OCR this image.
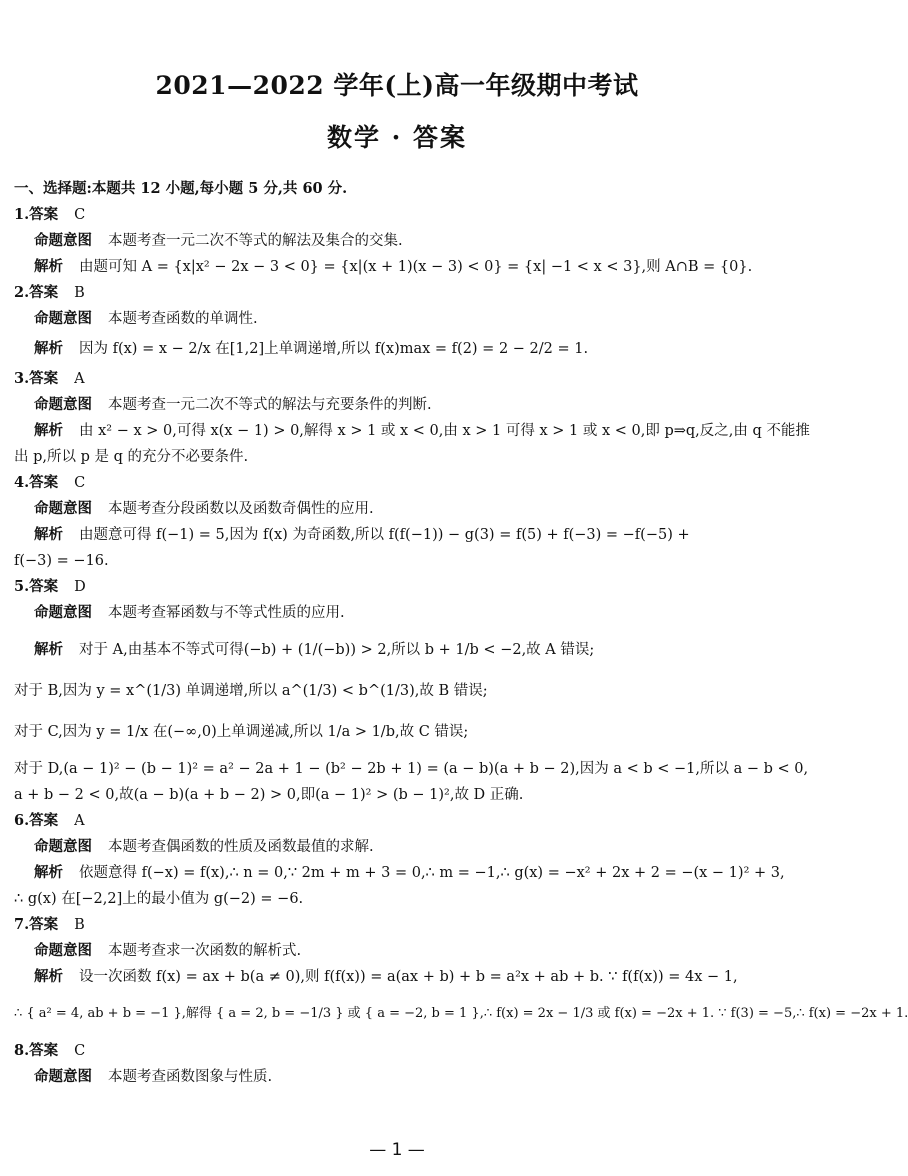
2021—2022 学年(上)高一年级期中考试
数学 · 答案
一、选择题:本题共 12 小题,每小题 5 分,共 60 分.
1.答案 C
命题意图 本题考查一元二次不等式的解法及集合的交集.
解析 由题可知 A = {x|x² − 2x − 3 < 0} = {x|(x + 1)(x − 3) < 0} = {x| −1 < x < 3},则 A∩B = {0}.
2.答案 B
命题意图 本题考查函数的单调性.
解析 因为 f(x) = x − 2/x 在[1,2]上单调递增,所以 f(x)max = f(2) = 2 − 2/2 = 1.
3.答案 A
命题意图 本题考查一元二次不等式的解法与充要条件的判断.
解析 由 x² − x > 0,可得 x(x − 1) > 0,解得 x > 1 或 x < 0,由 x > 1 可得 x > 1 或 x < 0,即 p⇒q,反之,由 q 不能推
出 p,所以 p 是 q 的充分不必要条件.
4.答案 C
命题意图 本题考查分段函数以及函数奇偶性的应用.
解析 由题意可得 f(−1) = 5,因为 f(x) 为奇函数,所以 f(f(−1)) − g(3) = f(5) + f(−3) = −f(−5) +
f(−3) = −16.
5.答案 D
命题意图 本题考查幂函数与不等式性质的应用.
解析 对于 A,由基本不等式可得(−b) + (1/(−b)) > 2,所以 b + 1/b < −2,故 A 错误;
对于 B,因为 y = x^(1/3) 单调递增,所以 a^(1/3) < b^(1/3),故 B 错误;
对于 C,因为 y = 1/x 在(−∞,0)上单调递减,所以 1/a > 1/b,故 C 错误;
对于 D,(a − 1)² − (b − 1)² = a² − 2a + 1 − (b² − 2b + 1) = (a − b)(a + b − 2),因为 a < b < −1,所以 a − b < 0,
a + b − 2 < 0,故(a − b)(a + b − 2) > 0,即(a − 1)² > (b − 1)²,故 D 正确.
6.答案 A
命题意图 本题考查偶函数的性质及函数最值的求解.
解析 依题意得 f(−x) = f(x),∴ n = 0,∵ 2m + m + 3 = 0,∴ m = −1,∴ g(x) = −x² + 2x + 2 = −(x − 1)² + 3,
∴ g(x) 在[−2,2]上的最小值为 g(−2) = −6.
7.答案 B
命题意图 本题考查求一次函数的解析式.
解析 设一次函数 f(x) = ax + b(a ≠ 0),则 f(f(x)) = a(ax + b) + b = a²x + ab + b. ∵ f(f(x)) = 4x − 1,
∴ { a² = 4, ab + b = −1 },解得 { a = 2, b = −1/3 } 或 { a = −2, b = 1 },∴ f(x) = 2x − 1/3 或 f(x) = −2x + 1. ∵ f(3) = −5,∴ f(x) = −2x + 1.
8.答案 C
命题意图 本题考查函数图象与性质.
— 1 —
